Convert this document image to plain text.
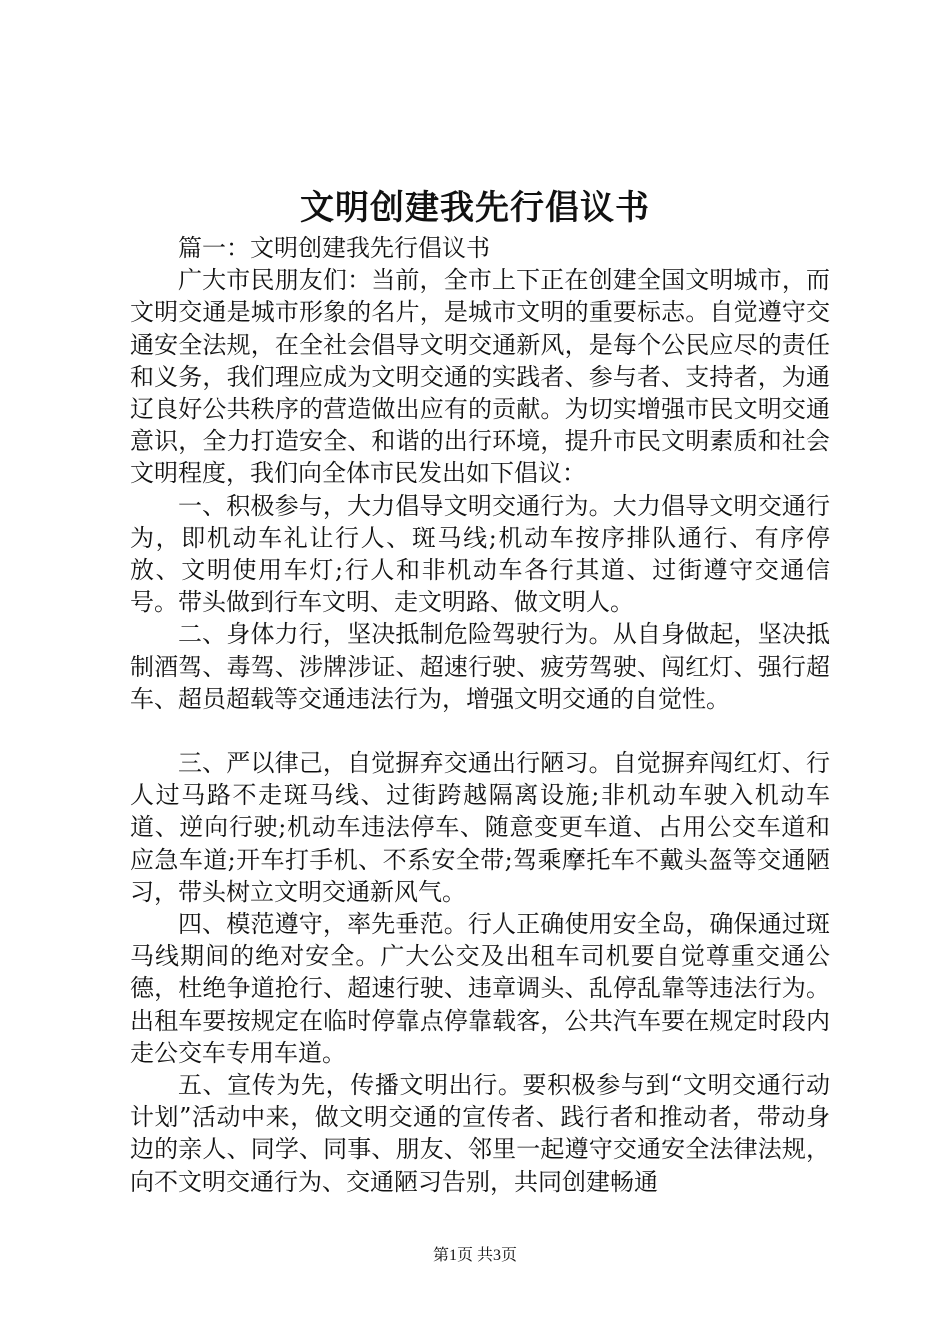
文明创建我先行倡议书

篇一：文明创建我先行倡议书

广大市民朋友们：当前，全市上下正在创建全国文明城市，而文明交通是城市形象的名片，是城市文明的重要标志。自觉遵守交通安全法规，在全社会倡导文明交通新风，是每个公民应尽的责任和义务，我们理应成为文明交通的实践者、参与者、支持者，为通辽良好公共秩序的营造做出应有的贡献。为切实增强市民文明交通意识，全力打造安全、和谐的出行环境，提升市民文明素质和社会文明程度，我们向全体市民发出如下倡议：

一、积极参与，大力倡导文明交通行为。大力倡导文明交通行为，即机动车礼让行人、斑马线;机动车按序排队通行、有序停放、文明使用车灯;行人和非机动车各行其道、过街遵守交通信号。带头做到行车文明、走文明路、做文明人。

二、身体力行，坚决抵制危险驾驶行为。从自身做起，坚决抵制酒驾、毒驾、涉牌涉证、超速行驶、疲劳驾驶、闯红灯、强行超车、超员超载等交通违法行为，增强文明交通的自觉性。

三、严以律己，自觉摒弃交通出行陋习。自觉摒弃闯红灯、行人过马路不走斑马线、过街跨越隔离设施;非机动车驶入机动车道、逆向行驶;机动车违法停车、随意变更车道、占用公交车道和应急车道;开车打手机、不系安全带;驾乘摩托车不戴头盔等交通陋习，带头树立文明交通新风气。

四、模范遵守，率先垂范。行人正确使用安全岛，确保通过斑马线期间的绝对安全。广大公交及出租车司机要自觉尊重交通公德，杜绝争道抢行、超速行驶、违章调头、乱停乱靠等违法行为。出租车要按规定在临时停靠点停靠载客，公共汽车要在规定时段内走公交车专用车道。

五、宣传为先，传播文明出行。要积极参与到“文明交通行动计划”活动中来，做文明交通的宣传者、践行者和推动者，带动身边的亲人、同学、同事、朋友、邻里一起遵守交通安全法律法规，向不文明交通行为、交通陋习告别，共同创建畅通

第1页 共3页
